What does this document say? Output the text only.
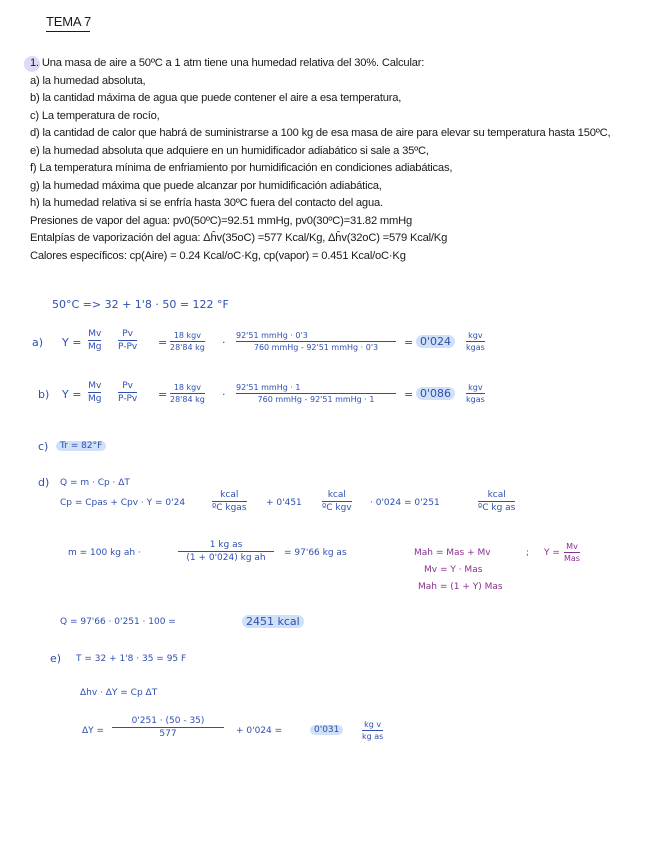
TEMA 7
1. Una masa de aire a 50ºC a 1 atm tiene una humedad relativa del 30%. Calcular:
a) la humedad absoluta,
b) la cantidad máxima de agua que puede contener el aire a esa temperatura,
c) La temperatura de rocío,
d) la cantidad de calor que habrá de suministrarse a 100 kg de esa masa de aire para elevar su temperatura hasta 150ºC,
e) la humedad absoluta que adquiere en un humidificador adiabático si sale a 35ºC,
f) La temperatura mínima de enfriamiento por humidificación en condiciones adiabáticas,
g) la humedad máxima que puede alcanzar por humidificación adiabática,
h) la humedad relativa si se enfría hasta 30ºC fuera del contacto del agua.
Presiones de vapor del agua: pv0(50ºC)=92.51 mmHg, pv0(30ºC)=31.82 mmHg
Entalpías de vaporización del agua: Δĥv(35oC) =577 Kcal/Kg, Δĥv(32oC) =579 Kcal/Kg
Calores específicos: cp(Aire) = 0.24 Kcal/oC·Kg, cp(vapor) = 0.451 Kcal/oC·Kg
50°C => 32 + 1'8 · 50 = 122 °F
a) Y =
Mv
Mg
Pv
P-Pv =
18 kgv
28'84 kg ·
92'51 mmHg · 0'3
760 mmHg - 92'51 mmHg · 0'3	= 0'024	kgv
kgas
b) Y =
Mv
Mg
Pv
P-Pv =
18 kgv
28'84 kg ·
92'51 mmHg · 1
760 mmHg - 92'51 mmHg · 1	= 0'086	kgv
kgas
c)	Tr = 82°F
d) Q = m · Cp · ΔT
Cp = Cpas + Cpv · Y = 0'24
kcal
ºC kgas + 0'451
kcal
ºC kgv · 0'024 = 0'251
kcal
ºC kg as
m = 100 kg ah ·
1 kg as
(1 + 0'024) kg ah	= 97'66 kg as	Mah = Mas + Mv	; Y =
Mv
Mas
Mv = Y · Mas
Mah = (1 + Y) Mas
Q = 97'66 · 0'251 · 100 =	2451 kcal
e) T = 32 + 1'8 · 35 = 95 F
Δhv · ΔY = Cp ΔT
ΔY =
0'251 · (50 - 35)
577	+ 0'024 =	0'031
kg v
kg as
